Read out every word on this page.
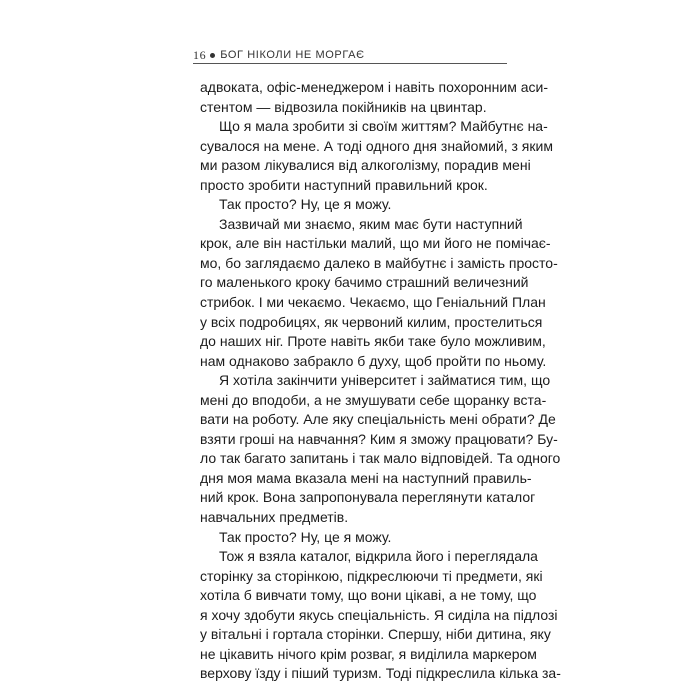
16 БОГ НІКОЛИ НЕ МОРГАЄ
адвоката, офіс-менеджером і навіть похоронним аси-
стентом — відвозила покійників на цвинтар.
Що я мала зробити зі своїм життям? Майбутнє на-
сувалося на мене. А тоді одного дня знайомий, з яким
ми разом лікувалися від алкоголізму, порадив мені
просто зробити наступний правильний крок.
Так просто? Ну, це я можу.
Зазвичай ми знаємо, яким має бути наступний
крок, але він настільки малий, що ми його не помічає-
мо, бо заглядаємо далеко в майбутнє і замість просто-
го маленького кроку бачимо страшний величезний
стрибок. І ми чекаємо. Чекаємо, що Геніальний План
у всіх подробицях, як червоний килим, простелиться
до наших ніг. Проте навіть якби таке було можливим,
нам однаково забракло б духу, щоб пройти по ньому.
Я хотіла закінчити університет і займатися тим, що
мені до вподоби, а не змушувати себе щоранку вста-
вати на роботу. Але яку спеціальність мені обрати? Де
взяти гроші на навчання? Ким я зможу працювати? Бу-
ло так багато запитань і так мало відповідей. Та одного
дня моя мама вказала мені на наступний правиль-
ний крок. Вона запропонувала переглянути каталог
навчальних предметів.
Так просто? Ну, це я можу.
Тож я взяла каталог, відкрила його і переглядала
сторінку за сторінкою, підкреслюючи ті предмети, які
хотіла б вивчати тому, що вони цікаві, а не тому, що
я хочу здобути якусь спеціальність. Я сиділа на підлозі
у вітальні і гортала сторінки. Спершу, ніби дитина, яку
не цікавить нічого крім розваг, я виділила маркером
верхову їзду і піший туризм. Тоді підкреслила кілька за-
